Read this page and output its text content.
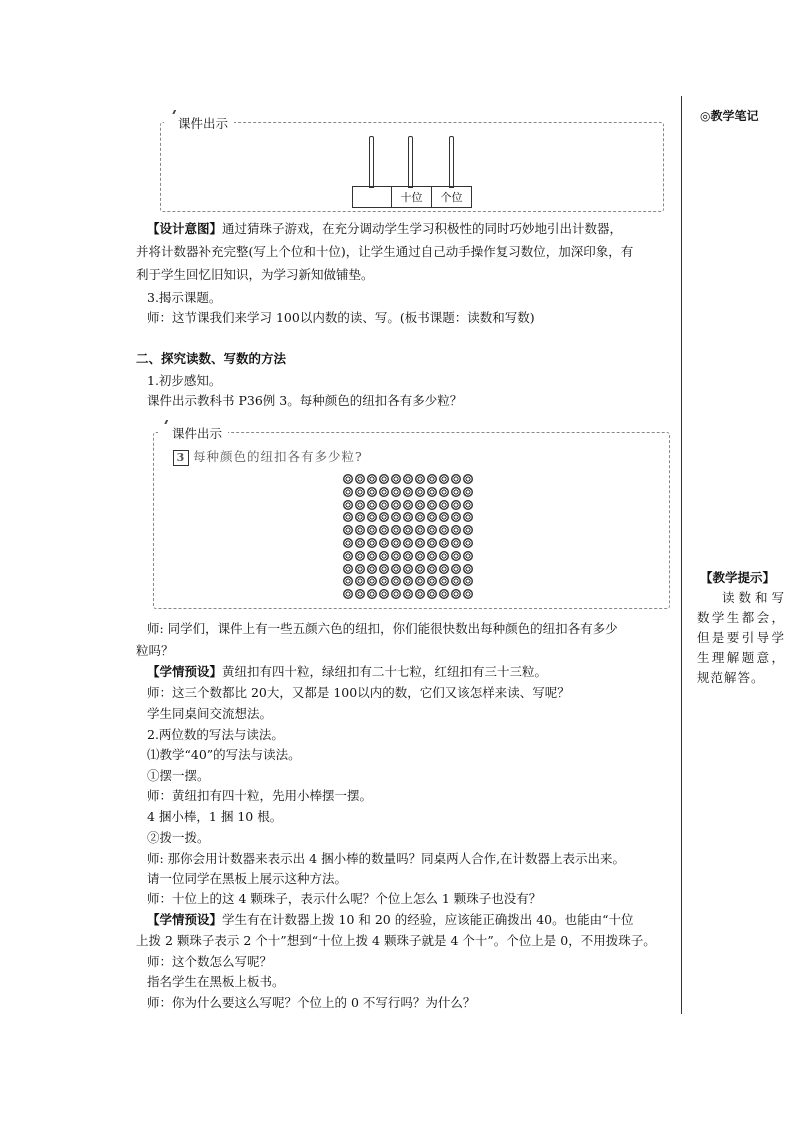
◎教学笔记
【教学提示】
读数和写数学生都会，但是要引导学生理解题意，规范解答。
课件出示
十位	个位
【设计意图】通过猜珠子游戏，在充分调动学生学习积极性的同时巧妙地引出计数器，
并将计数器补充完整(写上个位和十位)，让学生通过自己动手操作复习数位，加深印象，有
利于学生回忆旧知识，为学习新知做铺垫。
3.揭示课题。
师：这节课我们来学习 100以内数的读、写。(板书课题：读数和写数)
二、探究读数、写数的方法
1.初步感知。
课件出示教科书 P36例 3。每种颜色的纽扣各有多少粒？
课件出示
3 每种颜色的纽扣各有多少粒?
师: 同学们，课件上有一些五颜六色的纽扣，你们能很快数出每种颜色的纽扣各有多少
粒吗？
【学情预设】黄纽扣有四十粒，绿纽扣有二十七粒，红纽扣有三十三粒。
师：这三个数都比 20大，又都是 100以内的数，它们又该怎样来读、写呢？
学生同桌间交流想法。
2.两位数的写法与读法。
⑴教学“40”的写法与读法。
①摆一摆。
师：黄纽扣有四十粒，先用小棒摆一摆。
4 捆小棒，1 捆 10 根。
②拨一拨。
师: 那你会用计数器来表示出 4 捆小棒的数量吗？同桌两人合作,在计数器上表示出来。
请一位同学在黑板上展示这种方法。
师：十位上的这 4 颗珠子，表示什么呢？个位上怎么 1 颗珠子也没有？
【学情预设】学生有在计数器上拨 10 和 20 的经验，应该能正确拨出 40。也能由“十位
上拨 2 颗珠子表示 2 个十”想到“十位上拨 4 颗珠子就是 4 个十”。个位上是 0，不用拨珠子。
师：这个数怎么写呢？
指名学生在黑板上板书。
师：你为什么要这么写呢？个位上的 0 不写行吗？为什么？
